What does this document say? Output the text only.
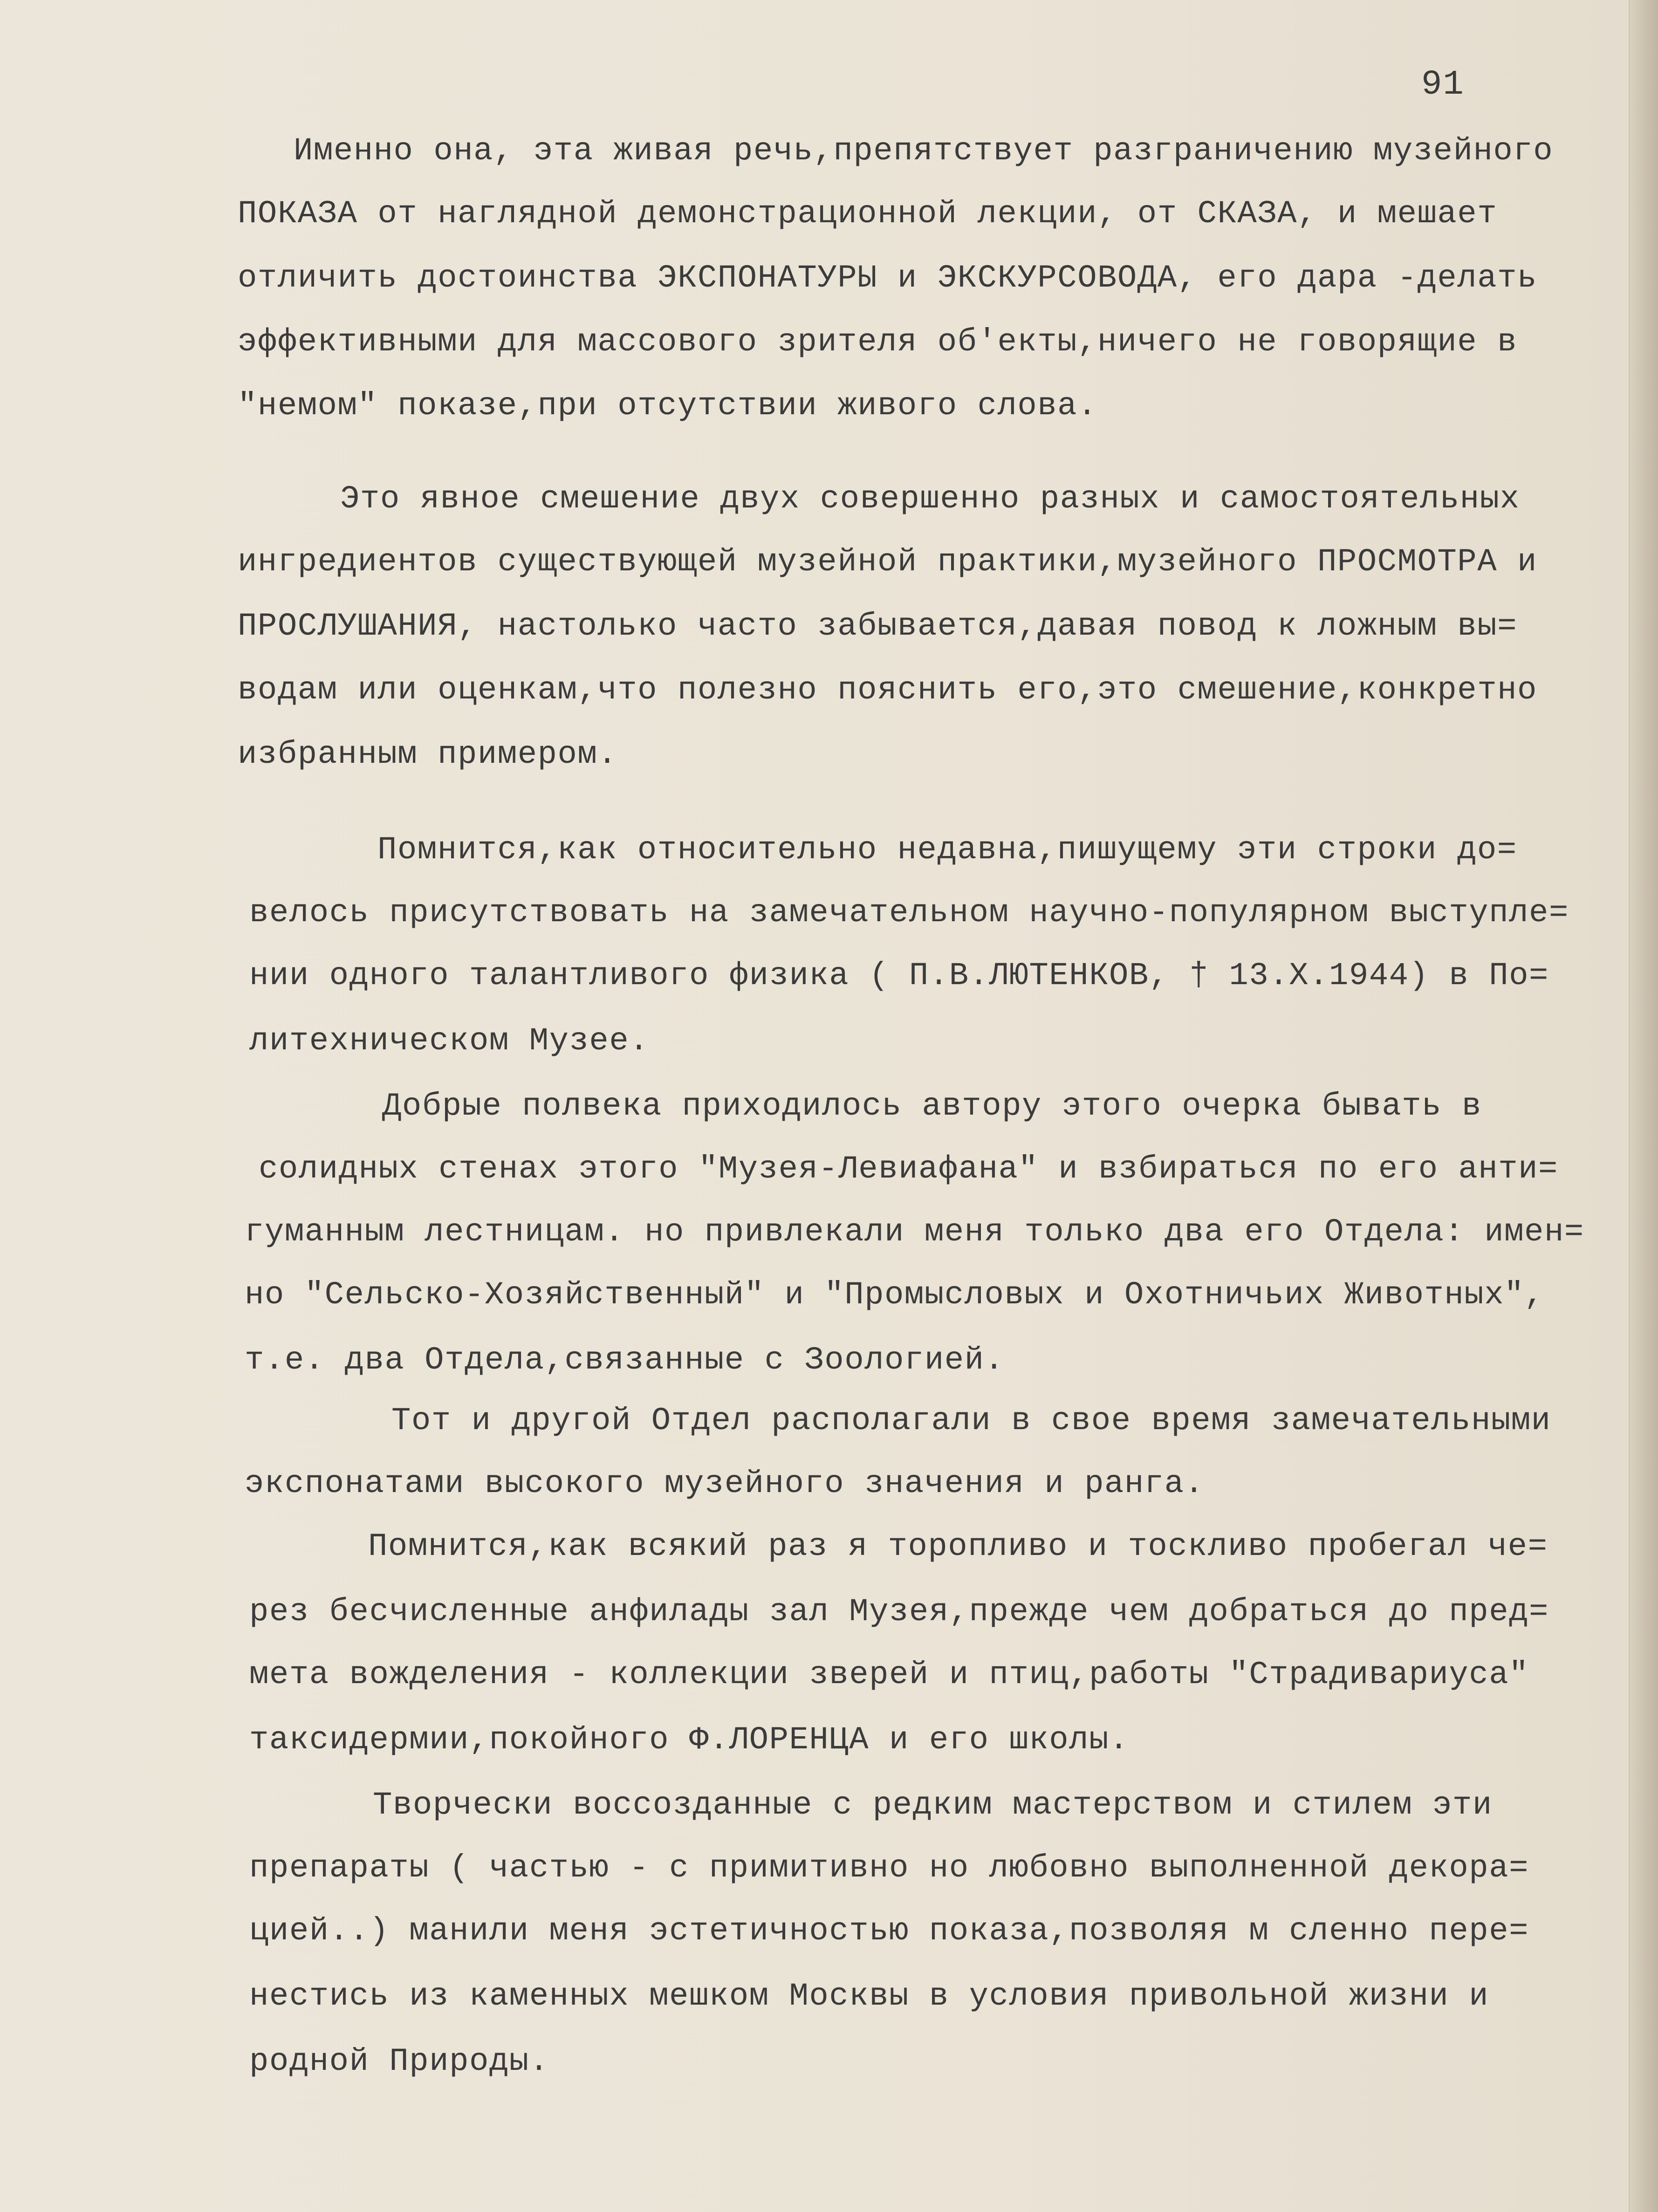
91
Именно она, эта живая речь,препятствует разграничению музейного
ПОКАЗА от наглядной демонстрационной лекции, от СКАЗА, и мешает
отличить достоинства ЭКСПОНАТУРЫ и ЭКСКУРСОВОДА, его дара -делать
эффективными для массового зрителя об'екты,ничего не говорящие в
"немом" показе,при отсутствии живого слова.
Это явное смешение двух совершенно разных и самостоятельных
ингредиентов существующей музейной практики,музейного ПРОСМОТРА и
ПРОСЛУШАНИЯ, настолько часто забывается,давая повод к ложным вы=
водам или оценкам,что полезно пояснить его,это смешение,конкретно
избранным примером.
Помнится,как относительно недавна,пишущему эти строки до=
велось присутствовать на замечательном научно-популярном выступле=
нии одного талантливого физика ( П.В.ЛЮТЕНКОВ, † 13.X.1944) в По=
литехническом Музее.
Добрые полвека приходилось автору этого очерка бывать в
солидных стенах этого "Музея-Левиафана" и взбираться по его анти=
гуманным лестницам. но привлекали меня только два его Отдела: имен=
но "Сельско-Хозяйственный" и "Промысловых и Охотничьих Животных",
т.е. два Отдела,связанные с Зоологией.
Тот и другой Отдел располагали в свое время замечательными
экспонатами высокого музейного значения и ранга.
Помнится,как всякий раз я торопливо и тоскливо пробегал че=
рез бесчисленные анфилады зал Музея,прежде чем добраться до пред=
мета вожделения - коллекции зверей и птиц,работы "Страдивариуса"
таксидермии,покойного Ф.ЛОРЕНЦА и его школы.
Творчески воссозданные с редким мастерством и стилем эти
препараты ( частью - с примитивно но любовно выполненной декора=
цией..) манили меня эстетичностью показа,позволяя м сленно пере=
нестись из каменных мешком Москвы в условия привольной жизни и
родной Природы.
